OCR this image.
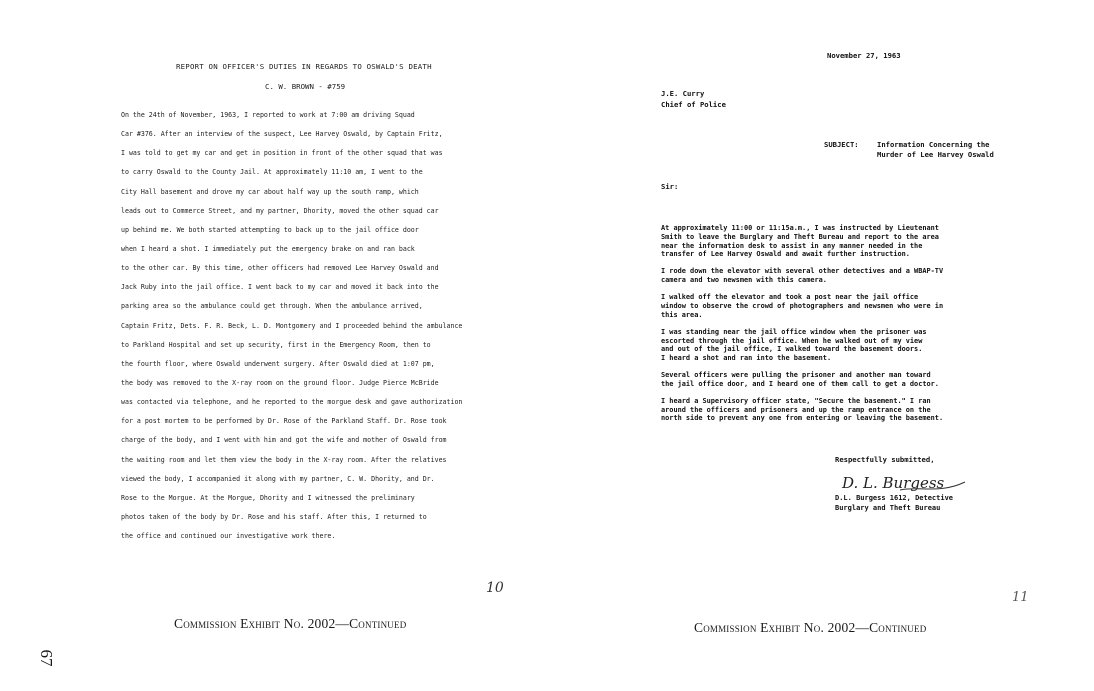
REPORT ON OFFICER'S DUTIES IN REGARDS TO OSWALD'S DEATH
C. W. BROWN - #759
On the 24th of November, 1963, I reported to work at 7:00 am driving Squad
Car #376. After an interview of the suspect, Lee Harvey Oswald, by Captain Fritz,
I was told to get my car and get in position in front of the other squad that was
to carry Oswald to the County Jail. At approximately 11:10 am, I went to the
City Hall basement and drove my car about half way up the south ramp, which
leads out to Commerce Street, and my partner, Dhority, moved the other squad car
up behind me. We both started attempting to back up to the jail office door
when I heard a shot. I immediately put the emergency brake on and ran back
to the other car. By this time, other officers had removed Lee Harvey Oswald and
Jack Ruby into the jail office. I went back to my car and moved it back into the
parking area so the ambulance could get through. When the ambulance arrived,
Captain Fritz, Dets. F. R. Beck, L. D. Montgomery and I proceeded behind the ambulance
to Parkland Hospital and set up security, first in the Emergency Room, then to
the fourth floor, where Oswald underwent surgery. After Oswald died at 1:07 pm,
the body was removed to the X-ray room on the ground floor. Judge Pierce McBride
was contacted via telephone, and he reported to the morgue desk and gave authorization
for a post mortem to be performed by Dr. Rose of the Parkland Staff. Dr. Rose took
charge of the body, and I went with him and got the wife and mother of Oswald from
the waiting room and let them view the body in the X-ray room. After the relatives
viewed the body, I accompanied it along with my partner, C. W. Dhority, and Dr.
Rose to the Morgue. At the Morgue, Dhority and I witnessed the preliminary
photos taken of the body by Dr. Rose and his staff. After this, I returned to
the office and continued our investigative work there.
10
Commission Exhibit No. 2002—Continued
67
November 27, 1963
J.E. Curry
Chief of Police
SUBJECT:	Information Concerning the
Murder of Lee Harvey Oswald
Sir:
At approximately 11:00 or 11:15a.m., I was instructed by Lieutenant
Smith to leave the Burglary and Theft Bureau and report to the area
near the information desk to assist in any manner needed in the
transfer of Lee Harvey Oswald and await further instruction.
I rode down the elevator with several other detectives and a WBAP-TV
camera and two newsmen with this camera.
I walked off the elevator and took a post near the jail office
window to observe the crowd of photographers and newsmen who were in
this area.
I was standing near the jail office window when the prisoner was
escorted through the jail office. When he walked out of my view
and out of the jail office, I walked toward the basement doors.
I heard a shot and ran into the basement.
Several officers were pulling the prisoner and another man toward
the jail office door, and I heard one of them call to get a doctor.
I heard a Supervisory officer state, "Secure the basement." I ran
around the officers and prisoners and up the ramp entrance on the
north side to prevent any one from entering or leaving the basement.
Respectfully submitted,
D. L. Burgess
D.L. Burgess 1612, Detective
Burglary and Theft Bureau
11
Commission Exhibit No. 2002—Continued
